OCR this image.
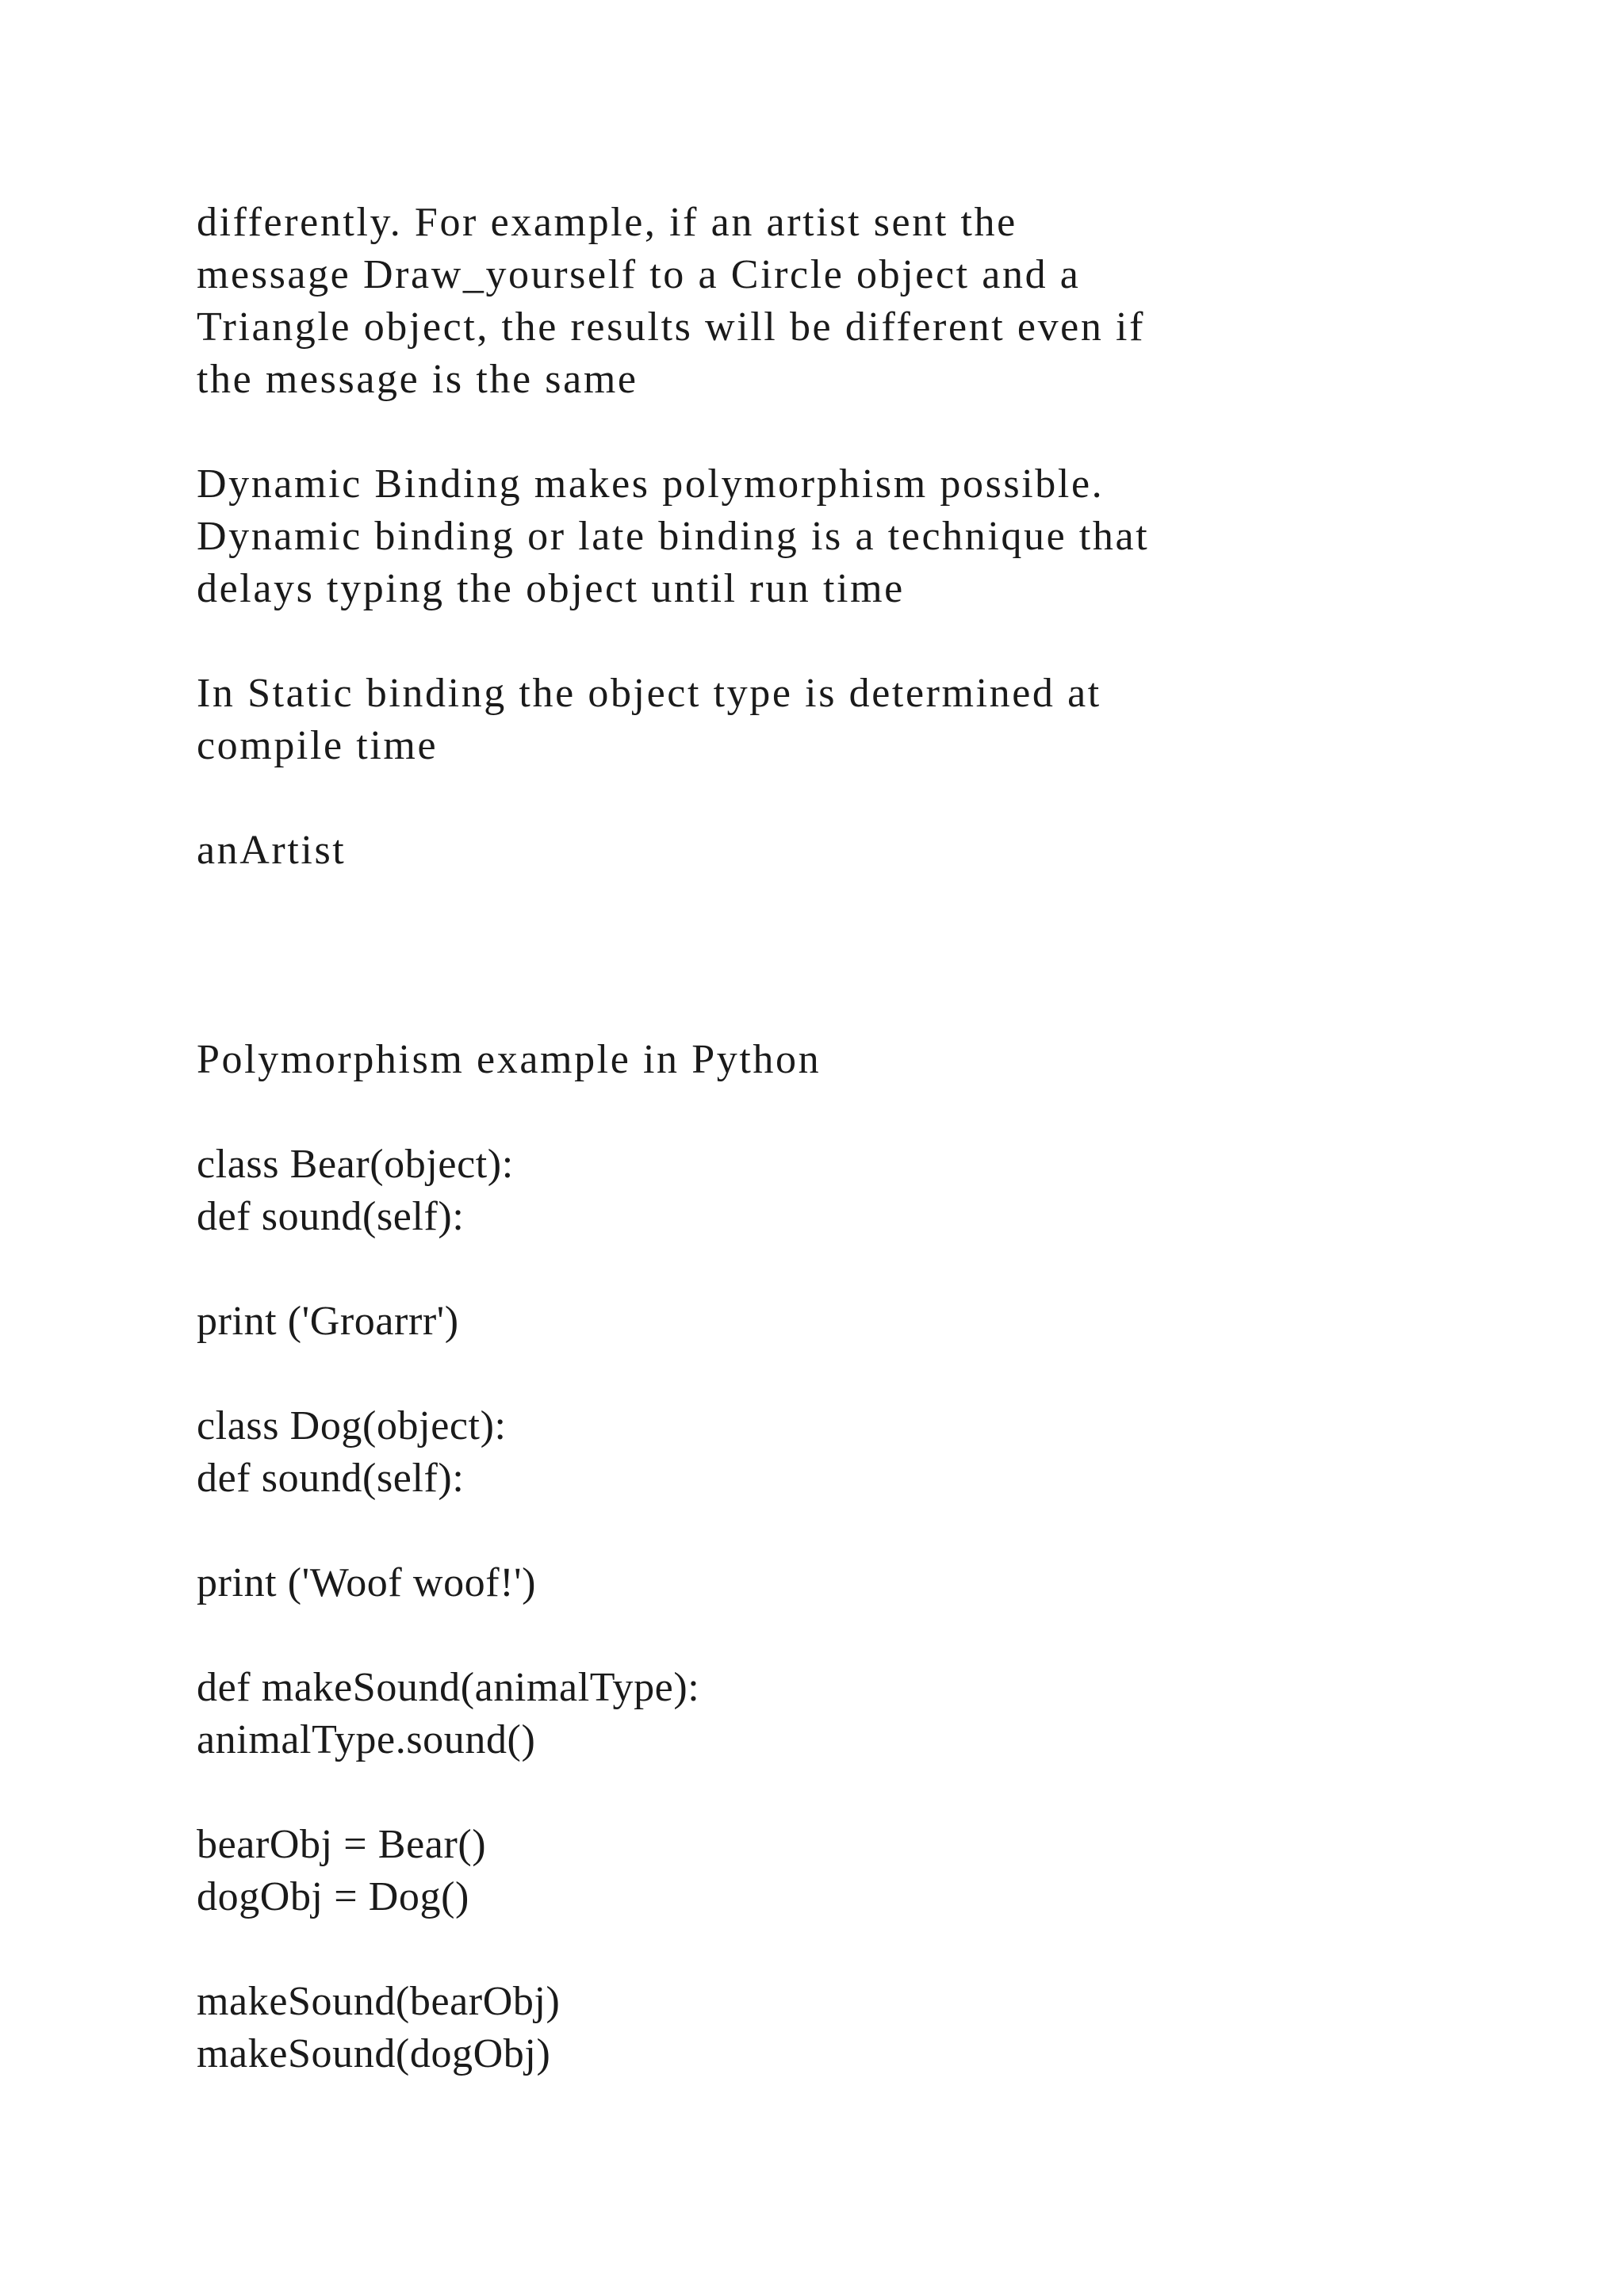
differently. For example, if an artist sent the

message Draw_yourself to a Circle object and a

Triangle object, the results will be different even if

the message is the same

Dynamic Binding makes polymorphism possible.

Dynamic binding or late binding is a technique that

delays typing the object until run time

In Static binding the object type is determined at

compile time

anArtist

Polymorphism example in Python

class Bear(object):

def sound(self):

print ('Groarrr')

class Dog(object):

def sound(self):

print ('Woof woof!')

def makeSound(animalType):

animalType.sound()

bearObj = Bear()

dogObj = Dog()

makeSound(bearObj)

makeSound(dogObj)
